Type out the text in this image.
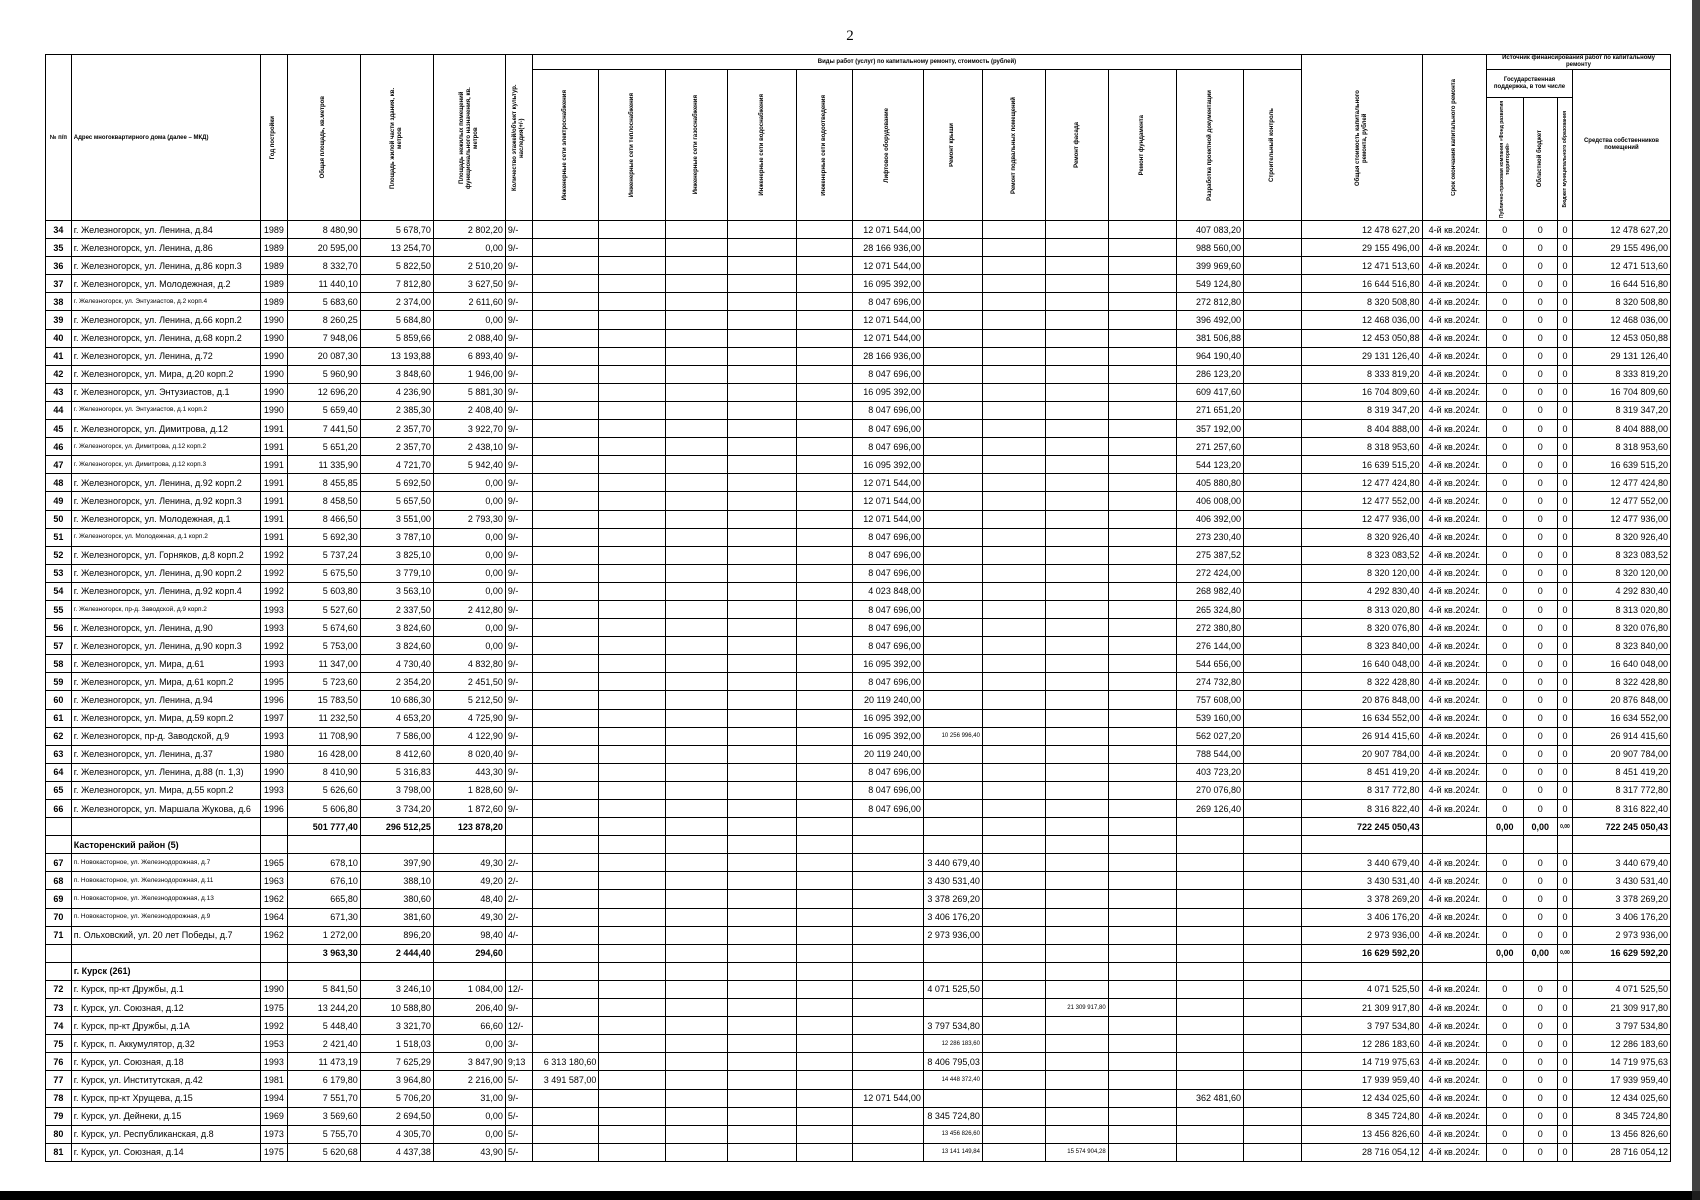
2
№ п/п	Адрес многоквартирного дома (далее – МКД)	Год постройки	Общая площадь, кв.метров	Площадь жилой части здания, кв. метров	Площадь нежилых помещений функционального назначения, кв. метров	Количество этажей/объект культур. наследия(+/-)	Виды работ (услуг) по капитальному ремонту, стоимость (рублей)												Общая стоимость капитального ремонта, рублей	Срок окончания капитального ремонта	Источник финансирования работ по капитальному ремонту			

							Инженерные сети электроснабжения	Инженерные сети теплоснабжения	Инженерные сети газоснабжения	Инженерные сети водоснабжения	Инженерные сети водоотведения	Лифтовое оборудование	Ремонт крыши	Ремонт подвальных помещений	Ремонт фасада	Ремонт фундамента	Разработка проектной документации	Строительный контроль			Государственная поддержка, в том числе			Средства собственников помещений

																					Публично-правовая компания «Фонд развития территорий»	Областной бюджет	Бюджет муниципального образования	

34	г. Железногорск, ул. Ленина, д.84	1989	8 480,90	5 678,70	2 802,20	9/-						12 071 544,00					407 083,20		12 478 627,20	4-й кв.2024г.	0	0	0	12 478 627,20
35	г. Железногорск, ул. Ленина, д.86	1989	20 595,00	13 254,70	0,00	9/-						28 166 936,00					988 560,00		29 155 496,00	4-й кв.2024г.	0	0	0	29 155 496,00
36	г. Железногорск, ул. Ленина, д.86 корп.3	1989	8 332,70	5 822,50	2 510,20	9/-						12 071 544,00					399 969,60		12 471 513,60	4-й кв.2024г.	0	0	0	12 471 513,60
37	г. Железногорск, ул. Молодежная, д.2	1989	11 440,10	7 812,80	3 627,50	9/-						16 095 392,00					549 124,80		16 644 516,80	4-й кв.2024г.	0	0	0	16 644 516,80
38	г. Железногорск, ул. Энтузиастов, д.2 корп.4	1989	5 683,60	2 374,00	2 611,60	9/-						8 047 696,00					272 812,80		8 320 508,80	4-й кв.2024г.	0	0	0	8 320 508,80
39	г. Железногорск, ул. Ленина, д.66 корп.2	1990	8 260,25	5 684,80	0,00	9/-						12 071 544,00					396 492,00		12 468 036,00	4-й кв.2024г.	0	0	0	12 468 036,00
40	г. Железногорск, ул. Ленина, д.68 корп.2	1990	7 948,06	5 859,66	2 088,40	9/-						12 071 544,00					381 506,88		12 453 050,88	4-й кв.2024г.	0	0	0	12 453 050,88
41	г. Железногорск, ул. Ленина, д.72	1990	20 087,30	13 193,88	6 893,40	9/-						28 166 936,00					964 190,40		29 131 126,40	4-й кв.2024г.	0	0	0	29 131 126,40
42	г. Железногорск, ул. Мира, д.20 корп.2	1990	5 960,90	3 848,60	1 946,00	9/-						8 047 696,00					286 123,20		8 333 819,20	4-й кв.2024г.	0	0	0	8 333 819,20
43	г. Железногорск, ул. Энтузиастов, д.1	1990	12 696,20	4 236,90	5 881,30	9/-						16 095 392,00					609 417,60		16 704 809,60	4-й кв.2024г.	0	0	0	16 704 809,60
44	г. Железногорск, ул. Энтузиастов, д.1 корп.2	1990	5 659,40	2 385,30	2 408,40	9/-						8 047 696,00					271 651,20		8 319 347,20	4-й кв.2024г.	0	0	0	8 319 347,20
45	г. Железногорск, ул. Димитрова, д.12	1991	7 441,50	2 357,70	3 922,70	9/-						8 047 696,00					357 192,00		8 404 888,00	4-й кв.2024г.	0	0	0	8 404 888,00
46	г. Железногорск, ул. Димитрова, д.12 корп.2	1991	5 651,20	2 357,70	2 438,10	9/-						8 047 696,00					271 257,60		8 318 953,60	4-й кв.2024г.	0	0	0	8 318 953,60
47	г. Железногорск, ул. Димитрова, д.12 корп.3	1991	11 335,90	4 721,70	5 942,40	9/-						16 095 392,00					544 123,20		16 639 515,20	4-й кв.2024г.	0	0	0	16 639 515,20
48	г. Железногорск, ул. Ленина, д.92 корп.2	1991	8 455,85	5 692,50	0,00	9/-						12 071 544,00					405 880,80		12 477 424,80	4-й кв.2024г.	0	0	0	12 477 424,80
49	г. Железногорск, ул. Ленина, д.92 корп.3	1991	8 458,50	5 657,50	0,00	9/-						12 071 544,00					406 008,00		12 477 552,00	4-й кв.2024г.	0	0	0	12 477 552,00
50	г. Железногорск, ул. Молодежная, д.1	1991	8 466,50	3 551,00	2 793,30	9/-						12 071 544,00					406 392,00		12 477 936,00	4-й кв.2024г.	0	0	0	12 477 936,00
51	г. Железногорск, ул. Молодежная, д.1 корп.2	1991	5 692,30	3 787,10	0,00	9/-						8 047 696,00					273 230,40		8 320 926,40	4-й кв.2024г.	0	0	0	8 320 926,40
52	г. Железногорск, ул. Горняков, д.8 корп.2	1992	5 737,24	3 825,10	0,00	9/-						8 047 696,00					275 387,52		8 323 083,52	4-й кв.2024г.	0	0	0	8 323 083,52
53	г. Железногорск, ул. Ленина, д.90 корп.2	1992	5 675,50	3 779,10	0,00	9/-						8 047 696,00					272 424,00		8 320 120,00	4-й кв.2024г.	0	0	0	8 320 120,00
54	г. Железногорск, ул. Ленина, д.92 корп.4	1992	5 603,80	3 563,10	0,00	9/-						4 023 848,00					268 982,40		4 292 830,40	4-й кв.2024г.	0	0	0	4 292 830,40
55	г. Железногорск, пр-д. Заводской, д.9 корп.2	1993	5 527,60	2 337,50	2 412,80	9/-						8 047 696,00					265 324,80		8 313 020,80	4-й кв.2024г.	0	0	0	8 313 020,80
56	г. Железногорск, ул. Ленина, д.90	1993	5 674,60	3 824,60	0,00	9/-						8 047 696,00					272 380,80		8 320 076,80	4-й кв.2024г.	0	0	0	8 320 076,80
57	г. Железногорск, ул. Ленина, д.90 корп.3	1992	5 753,00	3 824,60	0,00	9/-						8 047 696,00					276 144,00		8 323 840,00	4-й кв.2024г.	0	0	0	8 323 840,00
58	г. Железногорск, ул. Мира, д.61	1993	11 347,00	4 730,40	4 832,80	9/-						16 095 392,00					544 656,00		16 640 048,00	4-й кв.2024г.	0	0	0	16 640 048,00
59	г. Железногорск, ул. Мира, д.61 корп.2	1995	5 723,60	2 354,20	2 451,50	9/-						8 047 696,00					274 732,80		8 322 428,80	4-й кв.2024г.	0	0	0	8 322 428,80
60	г. Железногорск, ул. Ленина, д.94	1996	15 783,50	10 686,30	5 212,50	9/-						20 119 240,00					757 608,00		20 876 848,00	4-й кв.2024г.	0	0	0	20 876 848,00
61	г. Железногорск, ул. Мира, д.59 корп.2	1997	11 232,50	4 653,20	4 725,90	9/-						16 095 392,00					539 160,00		16 634 552,00	4-й кв.2024г.	0	0	0	16 634 552,00
62	г. Железногорск, пр-д. Заводской, д.9	1993	11 708,90	7 586,00	4 122,90	9/-						16 095 392,00	10 256 996,40				562 027,20		26 914 415,60	4-й кв.2024г.	0	0	0	26 914 415,60
63	г. Железногорск, ул. Ленина, д.37	1980	16 428,00	8 412,60	8 020,40	9/-						20 119 240,00					788 544,00		20 907 784,00	4-й кв.2024г.	0	0	0	20 907 784,00
64	г. Железногорск, ул. Ленина, д.88 (п. 1,3)	1990	8 410,90	5 316,83	443,30	9/-						8 047 696,00					403 723,20		8 451 419,20	4-й кв.2024г.	0	0	0	8 451 419,20
65	г. Железногорск, ул. Мира, д.55 корп.2	1993	5 626,60	3 798,00	1 828,60	9/-						8 047 696,00					270 076,80		8 317 772,80	4-й кв.2024г.	0	0	0	8 317 772,80
66	г. Железногорск, ул. Маршала Жукова, д.6	1996	5 606,80	3 734,20	1 872,60	9/-						8 047 696,00					269 126,40		8 316 822,40	4-й кв.2024г.	0	0	0	8 316 822,40
			501 777,40	296 512,25	123 878,20														722 245 050,43		0,00	0,00	0,00	722 245 050,43
	Касторенский район (5)																							
67	п. Новокасторное, ул. Железнодорожная, д.7	1965	678,10	397,90	49,30	2/-							3 440 679,40						3 440 679,40	4-й кв.2024г.	0	0	0	3 440 679,40
68	п. Новокасторное, ул. Железнодорожная, д.11	1963	676,10	388,10	49,20	2/-							3 430 531,40						3 430 531,40	4-й кв.2024г.	0	0	0	3 430 531,40
69	п. Новокасторное, ул. Железнодорожная, д.13	1962	665,80	380,60	48,40	2/-							3 378 269,20						3 378 269,20	4-й кв.2024г.	0	0	0	3 378 269,20
70	п. Новокасторное, ул. Железнодорожная, д.9	1964	671,30	381,60	49,30	2/-							3 406 176,20						3 406 176,20	4-й кв.2024г.	0	0	0	3 406 176,20
71	п. Ольховский, ул. 20 лет Победы, д.7	1962	1 272,00	896,20	98,40	4/-							2 973 936,00						2 973 936,00	4-й кв.2024г.	0	0	0	2 973 936,00
			3 963,30	2 444,40	294,60														16 629 592,20		0,00	0,00	0,00	16 629 592,20
	г. Курск (261)																							
72	г. Курск, пр-кт Дружбы, д.1	1990	5 841,50	3 246,10	1 084,00	12/-							4 071 525,50						4 071 525,50	4-й кв.2024г.	0	0	0	4 071 525,50
73	г. Курск, ул. Союзная, д.12	1975	13 244,20	10 588,80	206,40	9/-									21 309 917,80				21 309 917,80	4-й кв.2024г.	0	0	0	21 309 917,80
74	г. Курск, пр-кт Дружбы, д.1А	1992	5 448,40	3 321,70	66,60	12/-							3 797 534,80						3 797 534,80	4-й кв.2024г.	0	0	0	3 797 534,80
75	г. Курск, п. Аккумулятор, д.32	1953	2 421,40	1 518,03	0,00	3/-							12 286 183,60						12 286 183,60	4-й кв.2024г.	0	0	0	12 286 183,60
76	г. Курск, ул. Союзная, д.18	1993	11 473,19	7 625,29	3 847,90	9;13	6 313 180,60						8 406 795,03						14 719 975,63	4-й кв.2024г.	0	0	0	14 719 975,63
77	г. Курск, ул. Институтская, д.42	1981	6 179,80	3 964,80	2 216,00	5/-	3 491 587,00						14 448 372,40						17 939 959,40	4-й кв.2024г.	0	0	0	17 939 959,40
78	г. Курск, пр-кт Хрущева, д.15	1994	7 551,70	5 706,20	31,00	9/-						12 071 544,00					362 481,60		12 434 025,60	4-й кв.2024г.	0	0	0	12 434 025,60
79	г. Курск, ул. Дейнеки, д.15	1969	3 569,60	2 694,50	0,00	5/-							8 345 724,80						8 345 724,80	4-й кв.2024г.	0	0	0	8 345 724,80
80	г. Курск, ул. Республиканская, д.8	1973	5 755,70	4 305,70	0,00	5/-							13 456 826,60						13 456 826,60	4-й кв.2024г.	0	0	0	13 456 826,60
81	г. Курск, ул. Союзная, д.14	1975	5 620,68	4 437,38	43,90	5/-							13 141 149,84		15 574 904,28				28 716 054,12	4-й кв.2024г.	0	0	0	28 716 054,12
